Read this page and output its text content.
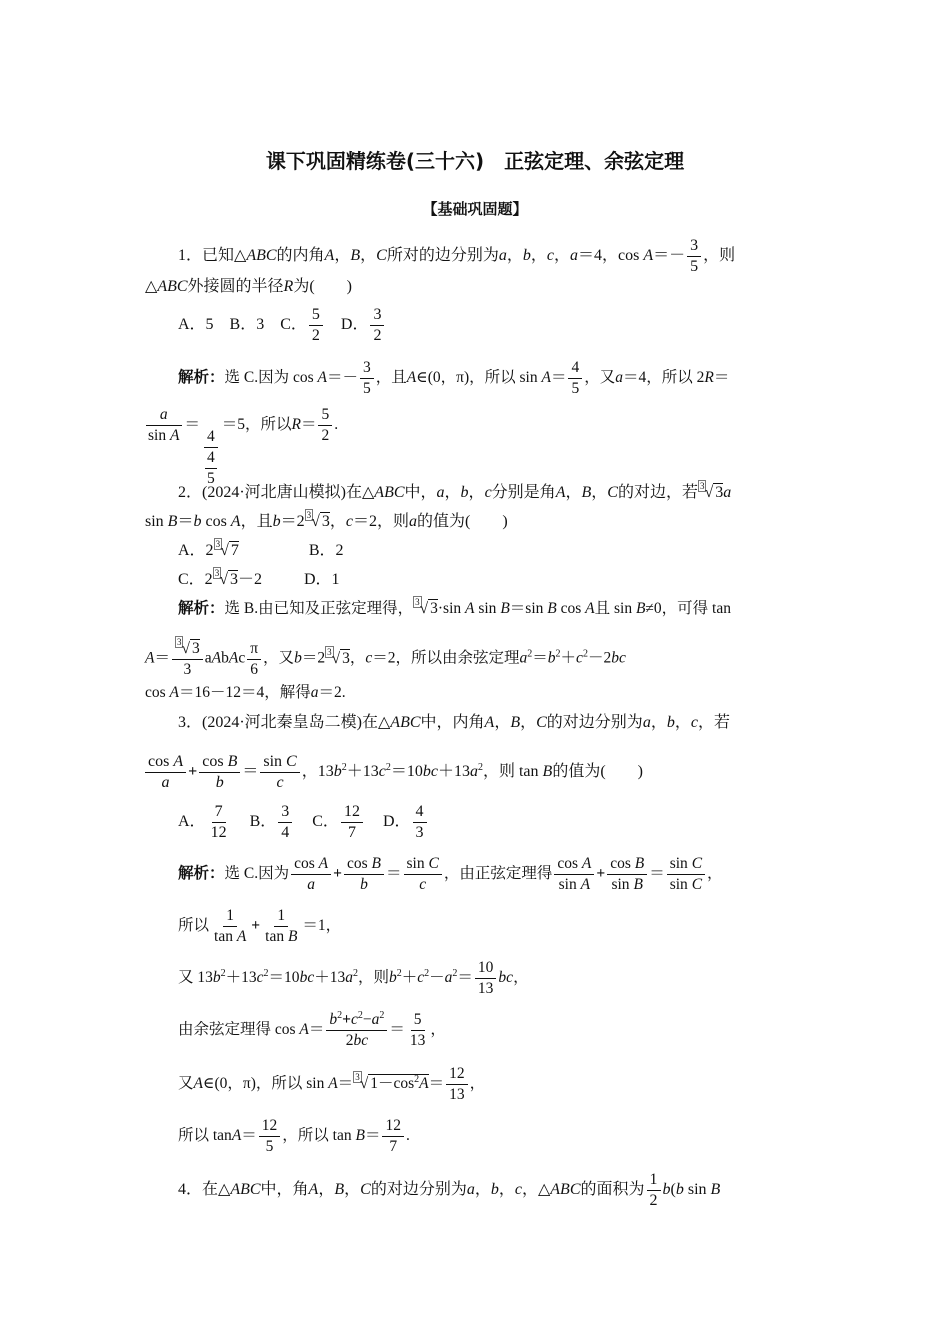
课下巩固精练卷(三十六)　正弦定理、余弦定理
【基础巩固题】
1．已知△ABC的内角A，B，C所对的边分别为a，b，c，a＝4，$\cos A=- \frac{3}{5}$ ，则
△ABC外接圆的半径R为(　　)
A．5　B．3　C． $\frac{5}{2}$ 　D． $\frac{3}{2}$
解析：选 C.因为 $\cos A=- \frac{3}{5}$ ，且A∈(0，π)，所以 $\sin A= \frac{4}{5}$ ，又a＝4，所以 2R＝
$\frac{a}{\text{sin A}}$ ＝
$\frac{4}{\frac{4}{5}}$
＝5，所以$R= \frac{5}{2}$ .
2．(2024·河北唐山模拟)在△ABC中，a，b，c分别是角A，B，C的对边，若 $^3$√ 3a
sin B＝b cos A，且b＝2 $^3$√ 3，c＝2，则a的值为(　　)
A．2 $^3$√ 7	B．2
C．2 $^3$√ 3－2	D．1
解析：选 B.由已知及正弦定理得， $^3$√ 3·sin A sin B＝sin B cos A且 sin B≠0，可得 tan
$A= \frac{^3√ 3}{3}$ aAbAc $\frac{\pi}{6}$ ，又b＝2 $^3$√ 3，c＝2，所以由余弦定理$a^2=b^2+c^2-2bc$
cos A＝16－12＝4，解得a＝2.
3．(2024·河北秦皇岛二模)在△ABC中，内角A，B，C的对边分别为a，b，c，若
$\frac{\text{cos A}}{a} + \frac{\text{cos B}}{b} = \frac{\text{sin C}}{c}$ ，$13b^2+13c^2=10bc+13a^2$，则 tan B的值为(　　)
A． $\frac{7}{12}$ B． $\frac{3}{4}$ C． $\frac{12}{7}$ D． $\frac{4}{3}$
解析：选 C.因为 $\frac{\text{cos A}}{a} + \frac{\text{cos B}}{b} = \frac{\text{sin C}}{c}$ ，由正弦定理得 $\frac{\text{cos A}}{\text{sin A}} + \frac{\text{cos B}}{\text{sin B}} = \frac{\text{sin C}}{\text{sin C}}$ ，
所以 $\frac{1}{\text{tan A}} + \frac{1}{\text{tan B}} =1$，
又 $13b^2+13c^2=10bc+13a^2$，则$b^2+c^2-a^2= \frac{10}{13}$ bc，
由余弦定理得 $\cos A= \frac{b^2+c^2-a^2}{2bc} = \frac{5}{13}$ ，
又A∈(0，π)，所以 sin A＝ $^3$√ $1-\cos^2A= \frac{12}{13}$ ，
所以 $\tan A= \frac{12}{5}$ ，所以 $\tan B= \frac{12}{7}$ .
4．在△ABC中，角A，B，C的对边分别为a，b，c，△ABC的面积为 $\frac{1}{2} b(b$ sin B
